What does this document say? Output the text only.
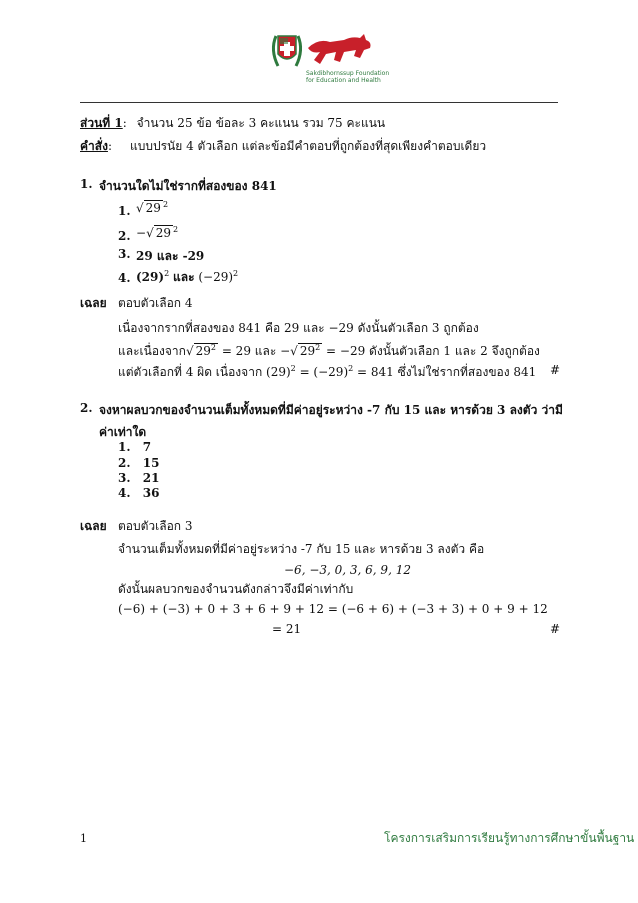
Sakdibhornssup Foundation
for Education and Health
ส่วนที่ 1: จำนวน 25 ข้อ ข้อละ 3 คะแนน รวม 75 คะแนน
คำสั่ง: แบบปรนัย 4 ตัวเลือก แต่ละข้อมีคำตอบที่ถูกต้องที่สุดเพียงคำตอบเดียว
1. จำนวนใดไม่ใช่รากที่สองของ 841
1. √ 29 $^2$
2. −√ 29 $^2$
3. 29 และ -29
4. $(29)^2$ และ $(-29)^2$
เฉลย ตอบตัวเลือก 4
เนื่องจากรากที่สองของ 841 คือ 29 และ −29 ดังนั้นตัวเลือก 3 ถูกต้อง
และเนื่องจาก√ $29^2 = 29$ และ −√ $29^2 = -29$ ดังนั้นตัวเลือก 1 และ 2 จึงถูกต้อง
แต่ตัวเลือกที่ 4 ผิด เนื่องจาก $(29)^2 = (-29)^2 = 841$ ซึ่งไม่ใช่รากที่สองของ 841 #
2. จงหาผลบวกของจำนวนเต็มทั้งหมดที่มีค่าอยู่ระหว่าง -7 กับ 15 และ หารด้วย 3 ลงตัว ว่ามี
ค่าเท่าใด
1. 7
2. 15
3. 21
4. 36
เฉลย ตอบตัวเลือก 3
จำนวนเต็มทั้งหมดที่มีค่าอยู่ระหว่าง -7 กับ 15 และ หารด้วย 3 ลงตัว คือ
−6, −3, 0, 3, 6, 9, 12
ดังนั้นผลบวกของจำนวนดังกล่าวจึงมีค่าเท่ากับ
(−6) + (−3) + 0 + 3 + 6 + 9 + 12 = (−6 + 6) + (−3 + 3) + 0 + 9 + 12
= 21	#
1	โครงการเสริมการเรียนรู้ทางการศึกษาขั้นพื้นฐาน
